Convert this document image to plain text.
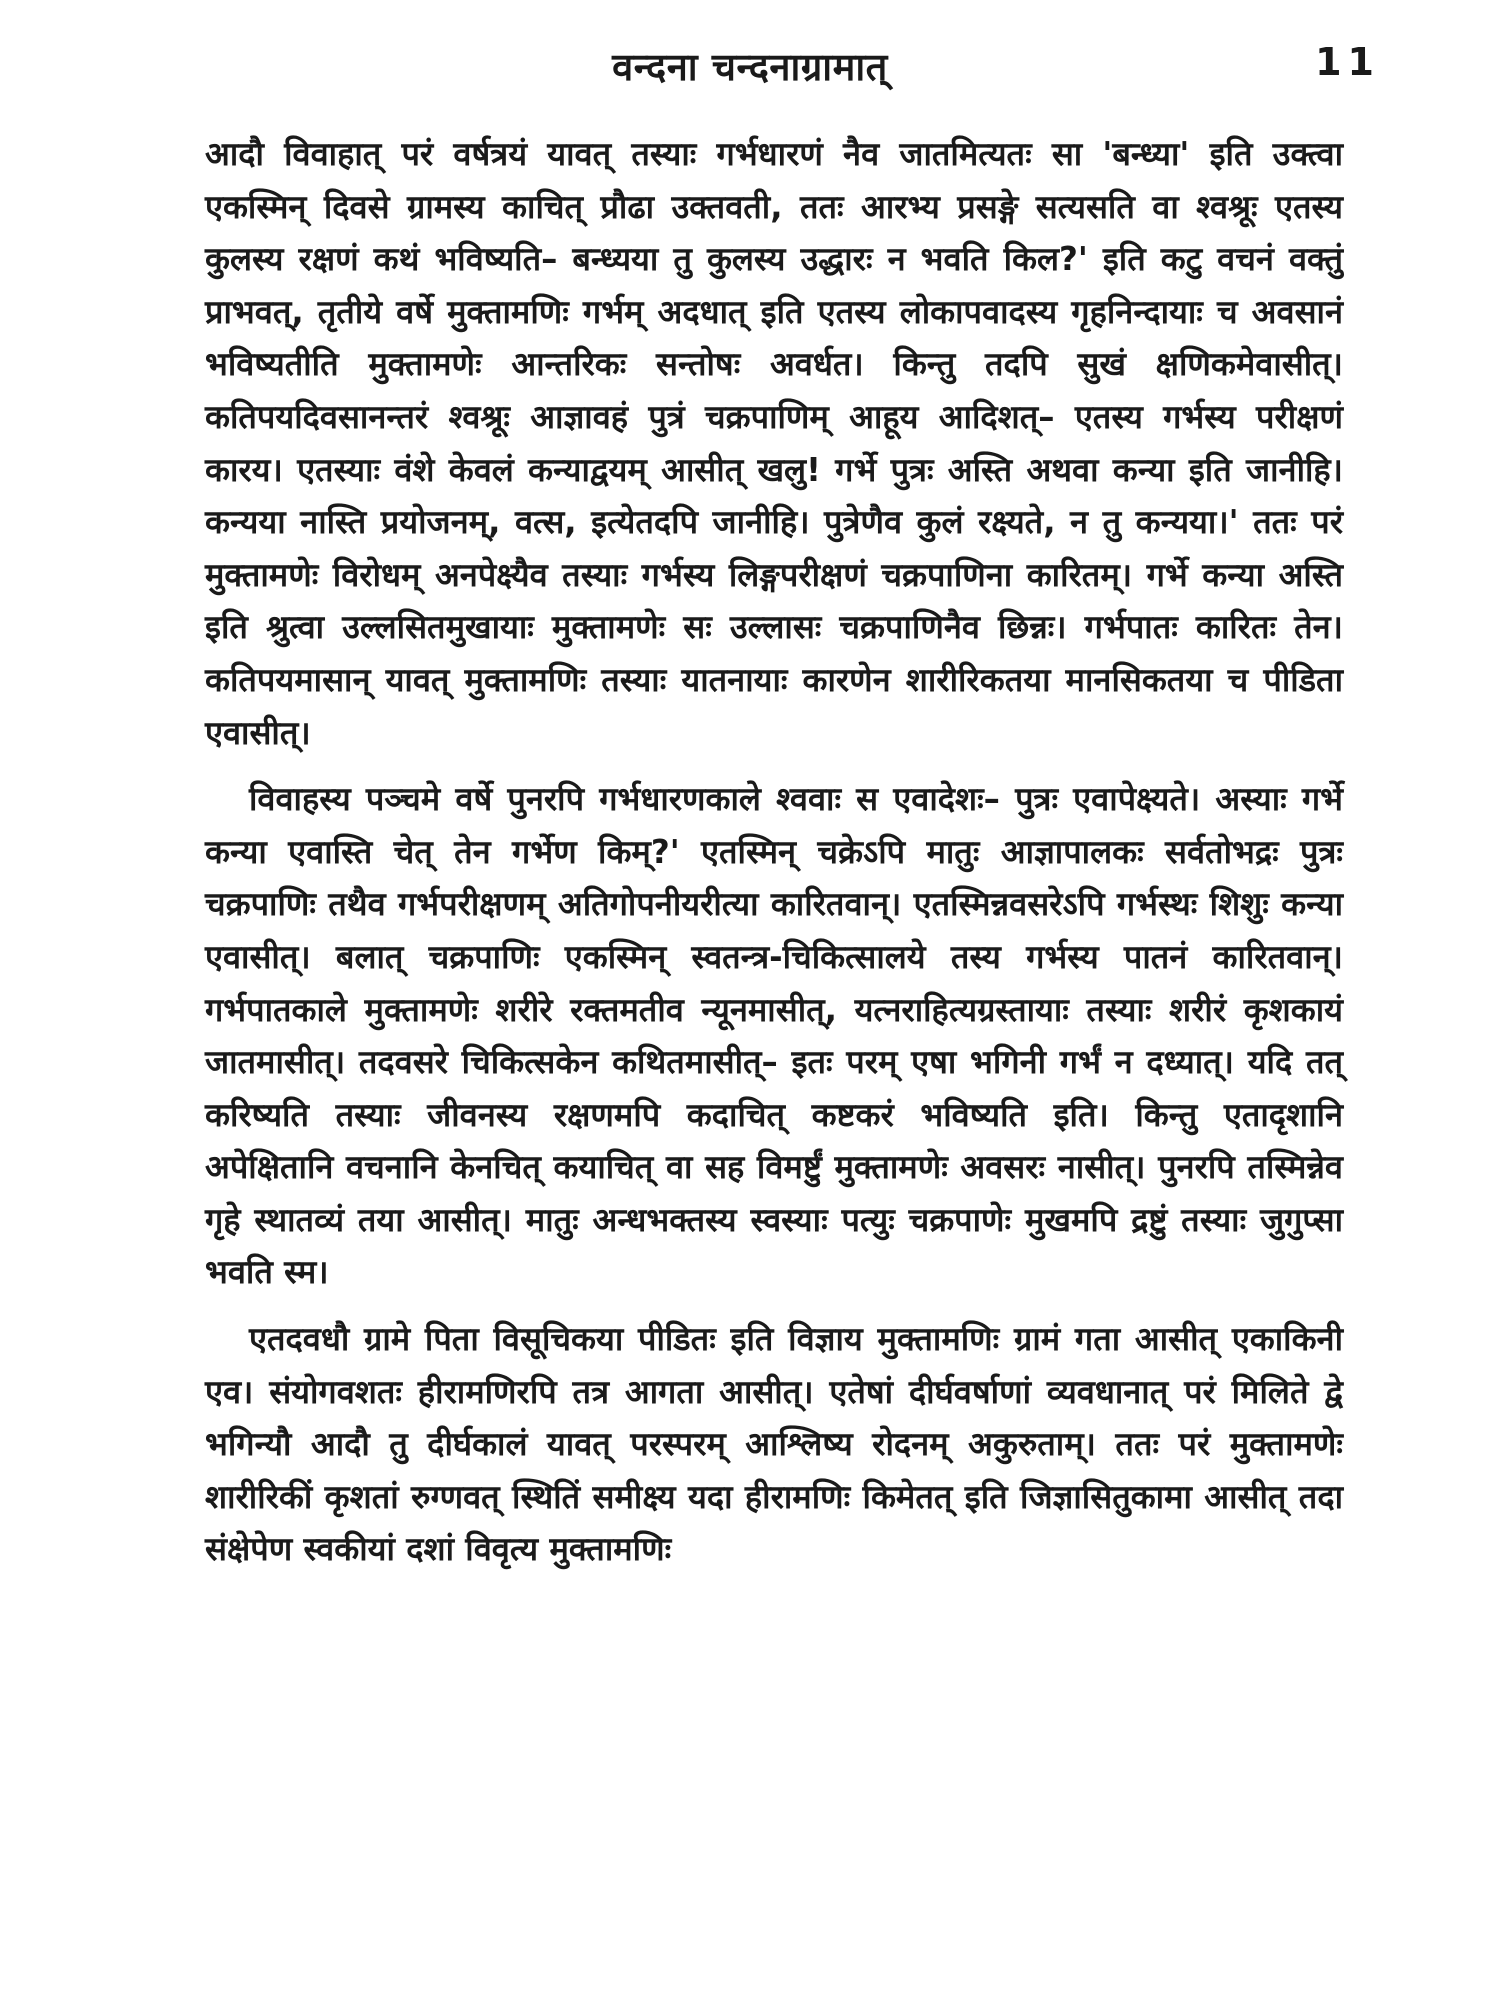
वन्दना चन्दनाग्रामात्	11

आदौ विवाहात् परं वर्षत्रयं यावत् तस्याः गर्भधारणं नैव जातमित्यतः सा 'बन्ध्या' इति उक्त्वा एकस्मिन् दिवसे ग्रामस्य काचित् प्रौढा उक्तवती, ततः आरभ्य प्रसङ्गे सत्यसति वा श्वश्रूः एतस्य कुलस्य रक्षणं कथं भविष्यति– बन्ध्यया तु कुलस्य उद्धारः न भवति किल?' इति कटु वचनं वक्तुं प्राभवत्, तृतीये वर्षे मुक्तामणिः गर्भम् अदधात् इति एतस्य लोकापवादस्य गृहनिन्दायाः च अवसानं भविष्यतीति मुक्तामणेः आन्तरिकः सन्तोषः अवर्धत। किन्तु तदपि सुखं क्षणिकमेवासीत्। कतिपयदिवसानन्तरं श्वश्रूः आज्ञावहं पुत्रं चक्रपाणिम् आहूय आदिशत्– एतस्य गर्भस्य परीक्षणं कारय। एतस्याः वंशे केवलं कन्याद्वयम् आसीत् खलु! गर्भे पुत्रः अस्ति अथवा कन्या इति जानीहि। कन्यया नास्ति प्रयोजनम्, वत्स, इत्येतदपि जानीहि। पुत्रेणैव कुलं रक्ष्यते, न तु कन्यया।' ततः परं मुक्तामणेः विरोधम् अनपेक्ष्यैव तस्याः गर्भस्य लिङ्गपरीक्षणं चक्रपाणिना कारितम्। गर्भे कन्या अस्ति इति श्रुत्वा उल्लसितमुखायाः मुक्तामणेः सः उल्लासः चक्रपाणिनैव छिन्नः। गर्भपातः कारितः तेन। कतिपयमासान् यावत् मुक्तामणिः तस्याः यातनायाः कारणेन शारीरिकतया मानसिकतया च पीडिता एवासीत्।

विवाहस्य पञ्चमे वर्षे पुनरपि गर्भधारणकाले श्ववाः स एवादेशः– पुत्रः एवापेक्ष्यते। अस्याः गर्भे कन्या एवास्ति चेत् तेन गर्भेण किम्?' एतस्मिन् चक्रेऽपि मातुः आज्ञापालकः सर्वतोभद्रः पुत्रः चक्रपाणिः तथैव गर्भपरीक्षणम् अतिगोपनीयरीत्या कारितवान्। एतस्मिन्नवसरेऽपि गर्भस्थः शिशुः कन्या एवासीत्। बलात् चक्रपाणिः एकस्मिन् स्वतन्त्र-चिकित्सालये तस्य गर्भस्य पातनं कारितवान्। गर्भपातकाले मुक्तामणेः शरीरे रक्तमतीव न्यूनमासीत्, यत्नराहित्यग्रस्तायाः तस्याः शरीरं कृशकायं जातमासीत्। तदवसरे चिकित्सकेन कथितमासीत्– इतः परम् एषा भगिनी गर्भं न दध्यात्। यदि तत् करिष्यति तस्याः जीवनस्य रक्षणमपि कदाचित् कष्टकरं भविष्यति इति। किन्तु एतादृशानि अपेक्षितानि वचनानि केनचित् कयाचित् वा सह विमर्ष्टुं मुक्तामणेः अवसरः नासीत्। पुनरपि तस्मिन्नेव गृहे स्थातव्यं तया आसीत्। मातुः अन्धभक्तस्य स्वस्याः पत्युः चक्रपाणेः मुखमपि द्रष्टुं तस्याः जुगुप्सा भवति स्म।

एतदवधौ ग्रामे पिता विसूचिकया पीडितः इति विज्ञाय मुक्तामणिः ग्रामं गता आसीत् एकाकिनी एव। संयोगवशतः हीरामणिरपि तत्र आगता आसीत्। एतेषां दीर्घवर्षाणां व्यवधानात् परं मिलिते द्वे भगिन्यौ आदौ तु दीर्घकालं यावत् परस्परम् आश्लिष्य रोदनम् अकुरुताम्। ततः परं मुक्तामणेः शारीरिकीं कृशतां रुग्णवत् स्थितिं समीक्ष्य यदा हीरामणिः किमेतत् इति जिज्ञासितुकामा आसीत् तदा संक्षेपेण स्वकीयां दशां विवृत्य मुक्तामणिः
